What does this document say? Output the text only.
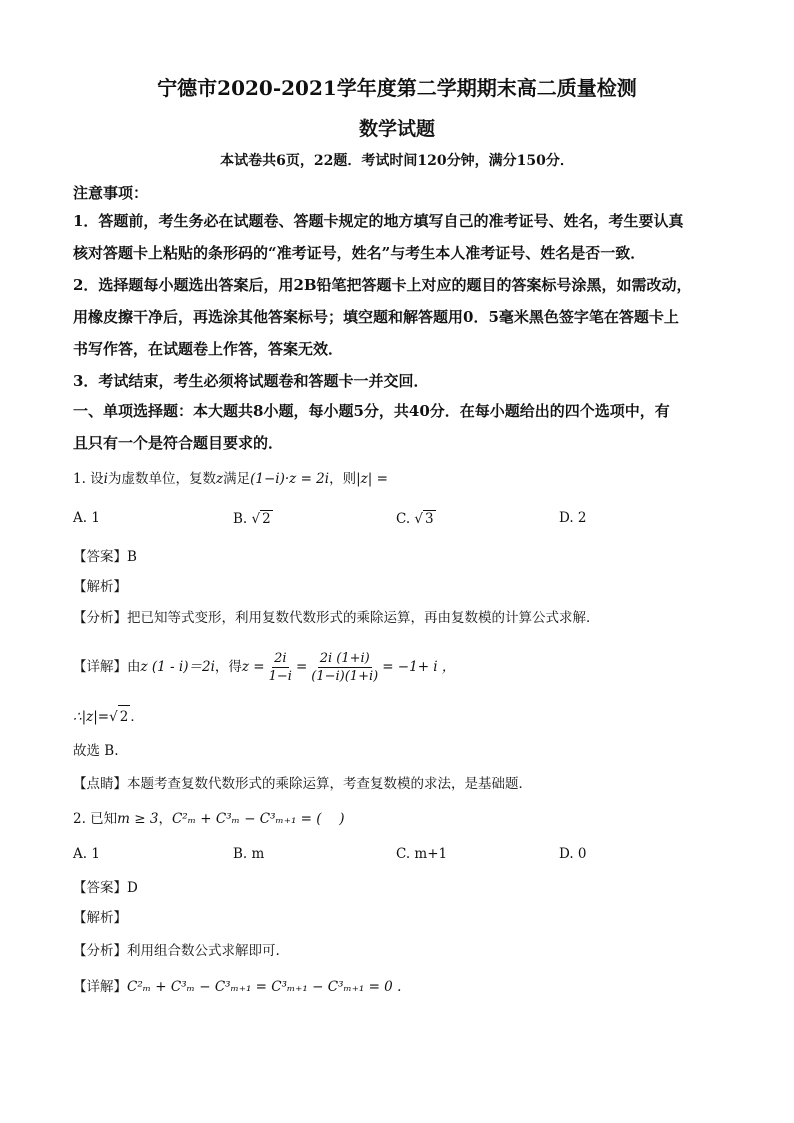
宁德市2020-2021学年度第二学期期末高二质量检测
数学试题
本试卷共6页，22题．考试时间120分钟，满分150分．
注意事项：
1．答题前，考生务必在试题卷、答题卡规定的地方填写自己的准考证号、姓名，考生要认真
核对答题卡上粘贴的条形码的“准考证号，姓名”与考生本人准考证号、姓名是否一致．
2．选择题每小题选出答案后，用2B铅笔把答题卡上对应的题目的答案标号涂黑，如需改动，
用橡皮擦干净后，再选涂其他答案标号；填空题和解答题用0．5毫米黑色签字笔在答题卡上
书写作答，在试题卷上作答，答案无效．
3．考试结束，考生必须将试题卷和答题卡一并交回．
一、单项选择题：本大题共8小题，每小题5分，共40分．在每小题给出的四个选项中，有
且只有一个是符合题目要求的．
1. 设i为虚数单位，复数z满足(1−i)·z = 2i，则|z| =
A. 1	B. √ 2	C. √ 3	D. 2
【答案】B
【解析】
【分析】把已知等式变形，利用复数代数形式的乘除运算，再由复数模的计算公式求解．
【详解】由 z (1 - i)＝2i ，得 $z = \frac{2i}{1-i} = \frac{2i (1+i)}{(1-i)(1+i)} = -1+ i$ ，
∴|z|=√ 2 ．
故选 B.
【点睛】本题考查复数代数形式的乘除运算，考查复数模的求法，是基础题．
2. 已知m ≥ 3，C²ₘ + C³ₘ − C³ₘ₊₁ = (　 )
A. 1	B. m	C. m+1	D. 0
【答案】D
【解析】
【分析】利用组合数公式求解即可.
【详解】C²ₘ + C³ₘ − C³ₘ₊₁ = C³ₘ₊₁ − C³ₘ₊₁ = 0 .
